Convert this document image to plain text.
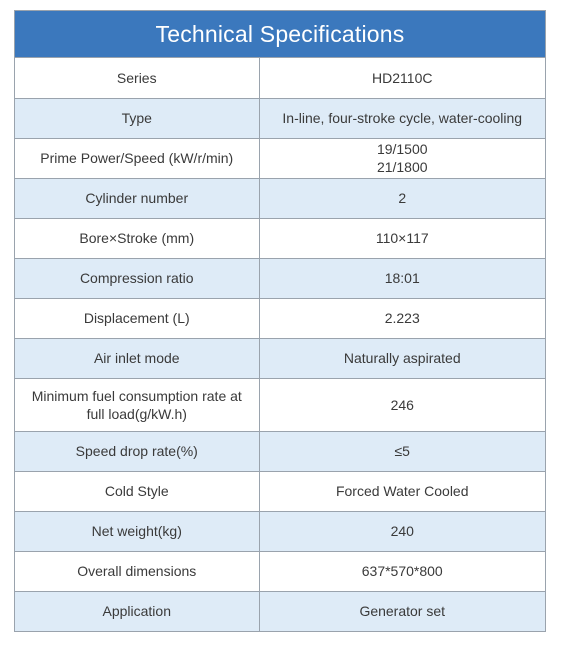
Technical Specifications
Series	HD2110C
Type	In-line, four-stroke cycle, water-cooling
Prime Power/Speed (kW/r/min)	19/1500
21/1800

Cylinder number	2
Bore×Stroke (mm)	110×117
Compression ratio	18:01
Displacement (L)	2.223
Air inlet mode	Naturally aspirated
Minimum fuel consumption rate at full load(g/kW.h)	246
Speed drop rate(%)	≤5
Cold Style	Forced Water Cooled
Net weight(kg)	240
Overall dimensions	637*570*800
Application	Generator set
